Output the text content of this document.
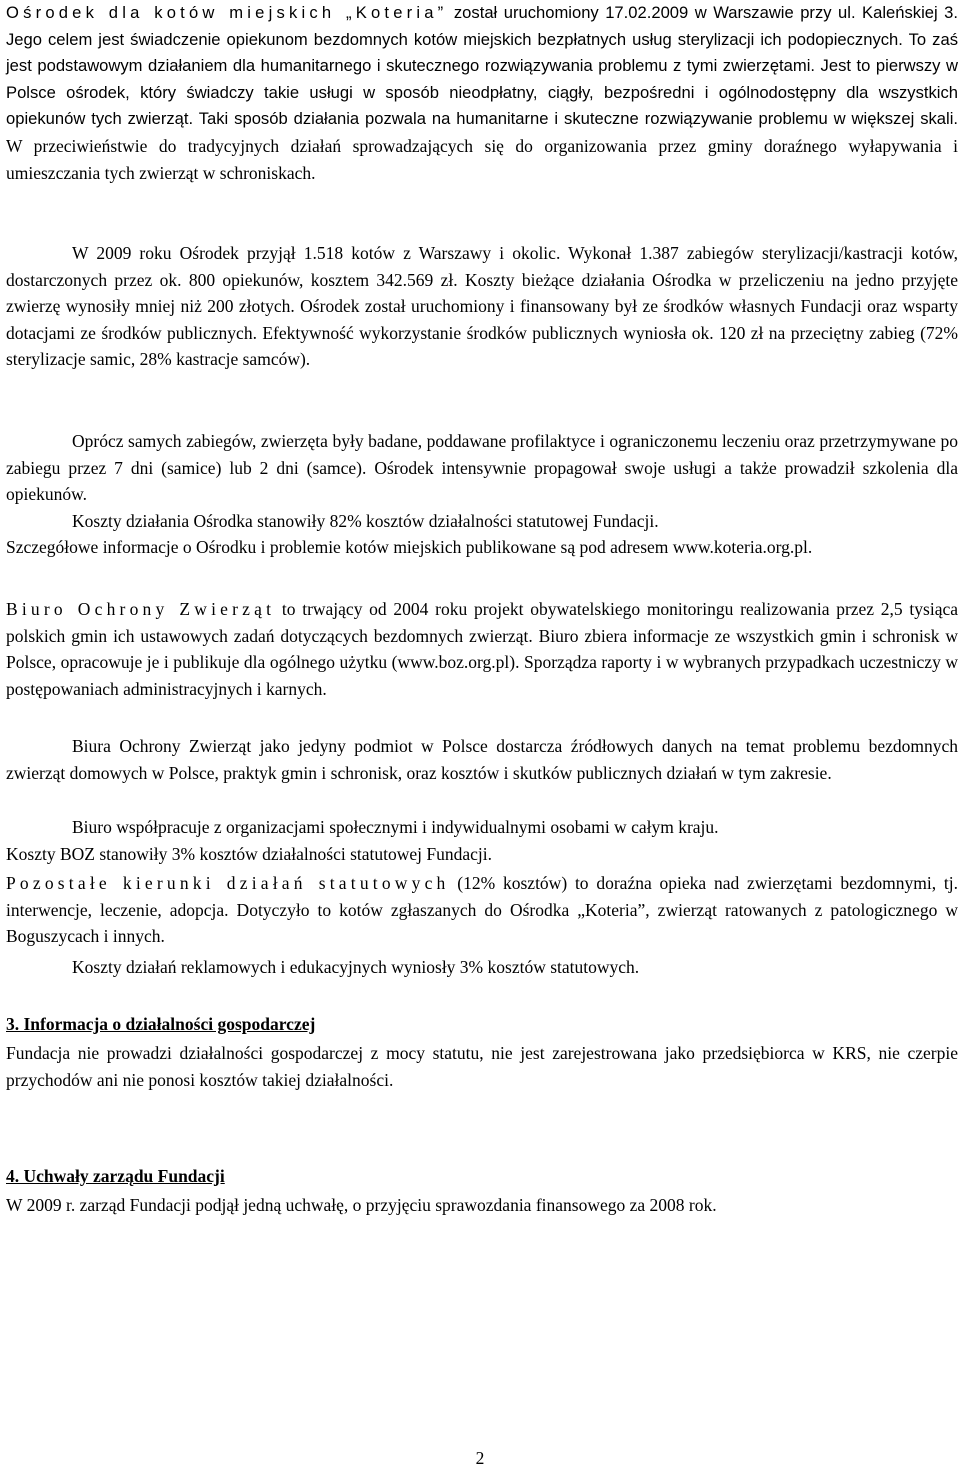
Ośrodek dla kotów miejskich „Koteria” został uruchomiony 17.02.2009 w Warszawie przy ul. Kaleńskiej 3. Jego celem jest świadczenie opiekunom bezdomnych kotów miejskich bezpłatnych usług sterylizacji ich podopiecznych. To zaś jest podstawowym działaniem dla humanitarnego i skutecznego rozwiązywania problemu z tymi zwierzętami. Jest to pierwszy w Polsce ośrodek, który świadczy takie usługi w sposób nieodpłatny, ciągły, bezpośredni i ogólnodostępny dla wszystkich opiekunów tych zwierząt. Taki sposób działania pozwala na humanitarne i skuteczne rozwiązywanie problemu w większej skali. W przeciwieństwie do tradycyjnych działań sprowadzających się do organizowania przez gminy doraźnego wyłapywania i umieszczania tych zwierząt w schroniskach.

W 2009 roku Ośrodek przyjął 1.518 kotów z Warszawy i okolic. Wykonał 1.387 zabiegów sterylizacji/kastracji kotów, dostarczonych przez ok. 800 opiekunów, kosztem 342.569 zł. Koszty bieżące działania Ośrodka w przeliczeniu na jedno przyjęte zwierzę wynosiły mniej niż 200 złotych. Ośrodek został uruchomiony i finansowany był ze środków własnych Fundacji oraz wsparty dotacjami ze środków publicznych. Efektywność wykorzystanie środków publicznych wyniosła ok. 120 zł na przeciętny zabieg (72% sterylizacje samic, 28% kastracje samców).

Oprócz samych zabiegów, zwierzęta były badane, poddawane profilaktyce i ograniczonemu leczeniu oraz przetrzymywane po zabiegu przez 7 dni (samice) lub 2 dni (samce). Ośrodek intensywnie propagował swoje usługi a także prowadził szkolenia dla opiekunów.

Koszty działania Ośrodka stanowiły 82% kosztów działalności statutowej Fundacji.

Szczegółowe informacje o Ośrodku i problemie kotów miejskich publikowane są pod adresem www.koteria.org.pl.

Biuro Ochrony Zwierząt to trwający od 2004 roku projekt obywatelskiego monitoringu realizowania przez 2,5 tysiąca polskich gmin ich ustawowych zadań dotyczących bezdomnych zwierząt. Biuro zbiera informacje ze wszystkich gmin i schronisk w Polsce, opracowuje je i publikuje dla ogólnego użytku (www.boz.org.pl). Sporządza raporty i w wybranych przypadkach uczestniczy w postępowaniach administracyjnych i karnych.

Biura Ochrony Zwierząt jako jedyny podmiot w Polsce dostarcza źródłowych danych na temat problemu bezdomnych zwierząt domowych w Polsce, praktyk gmin i schronisk, oraz kosztów i skutków publicznych działań w tym zakresie.

Biuro współpracuje z organizacjami społecznymi i indywidualnymi osobami w całym kraju.

Koszty BOZ stanowiły 3% kosztów działalności statutowej Fundacji.

Pozostałe kierunki działań statutowych (12% kosztów) to doraźna opieka nad zwierzętami bezdomnymi, tj. interwencje, leczenie, adopcja. Dotyczyło to kotów zgłaszanych do Ośrodka „Koteria”, zwierząt ratowanych z patologicznego w Boguszycach i innych.

Koszty działań reklamowych i edukacyjnych wyniosły 3% kosztów statutowych.

3. Informacja o działalności gospodarczej

Fundacja nie prowadzi działalności gospodarczej z mocy statutu, nie jest zarejestrowana jako przedsiębiorca w KRS, nie czerpie przychodów ani nie ponosi kosztów takiej działalności.

4. Uchwały zarządu Fundacji

W 2009 r. zarząd Fundacji podjął jedną uchwałę, o przyjęciu sprawozdania finansowego za 2008 rok.

2
